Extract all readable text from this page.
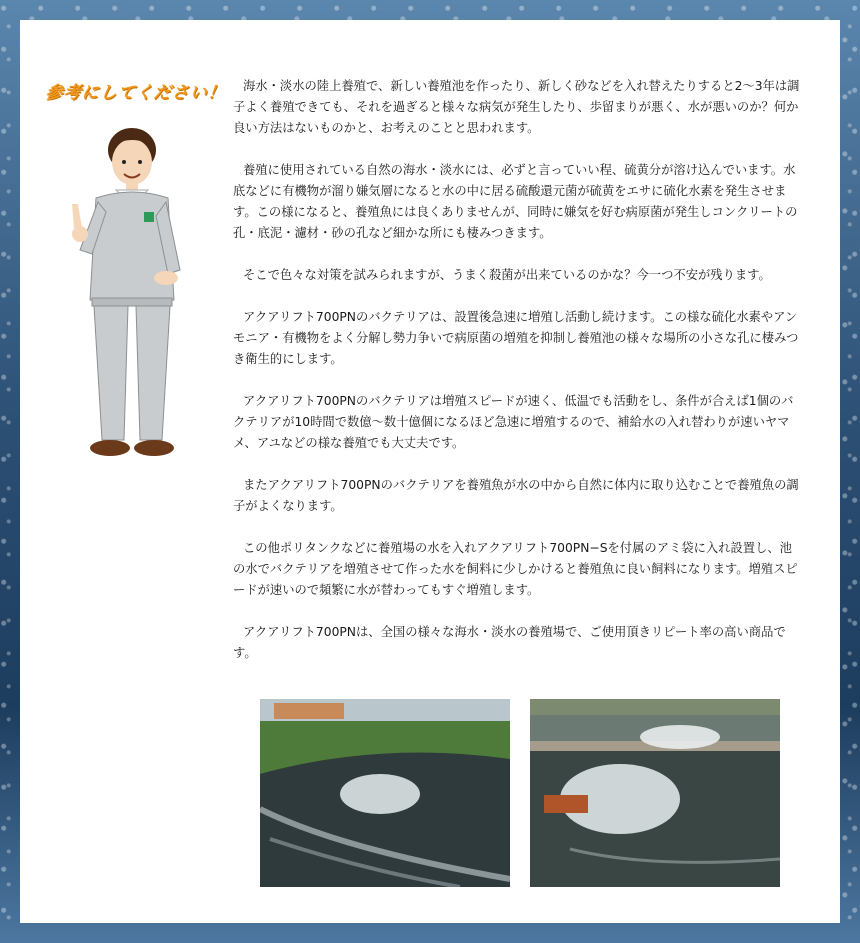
参考にしてください！	海水・淡水の陸上養殖で、新しい養殖池を作ったり、新しく砂などを入れ替えたりすると2〜3年は調子よく養殖できても、それを過ぎると様々な病気が発生したり、歩留まりが悪く、水が悪いのか？何か良い方法はないものかと、お考えのことと思われます。

養殖に使用されている自然の海水・淡水には、必ずと言っていい程、硫黄分が溶け込んでいます。水底などに有機物が溜り嫌気層になると水の中に居る硫酸還元菌が硫黄をエサに硫化水素を発生させます。この様になると、養殖魚には良くありませんが、同時に嫌気を好む病原菌が発生しコンクリートの孔・底泥・濾材・砂の孔など細かな所にも棲みつきます。

そこで色々な対策を試みられますが、うまく殺菌が出来ているのかな？今一つ不安が残ります。

アクアリフト700PNのバクテリアは、設置後急速に増殖し活動し続けます。この様な硫化水素やアンモニア・有機物をよく分解し勢力争いで病原菌の増殖を抑制し養殖池の様々な場所の小さな孔に棲みつき衛生的にします。

アクアリフト700PNのバクテリアは増殖スピードが速く、低温でも活動をし、条件が合えば1個のバクテリアが10時間で数億〜数十億個になるほど急速に増殖するので、補給水の入れ替わりが速いヤマメ、アユなどの様な養殖でも大丈夫です。

またアクアリフト700PNのバクテリアを養殖魚が水の中から自然に体内に取り込むことで養殖魚の調子がよくなります。

この他ポリタンクなどに養殖場の水を入れアクアリフト700PN−Sを付属のアミ袋に入れ設置し、池の水でバクテリアを増殖させて作った水を飼料に少しかけると養殖魚に良い飼料になります。増殖スピードが速いので頻繁に水が替わってもすぐ増殖します。

アクアリフト700PNは、全国の様々な海水・淡水の養殖場で、ご使用頂きリピート率の高い商品です。
